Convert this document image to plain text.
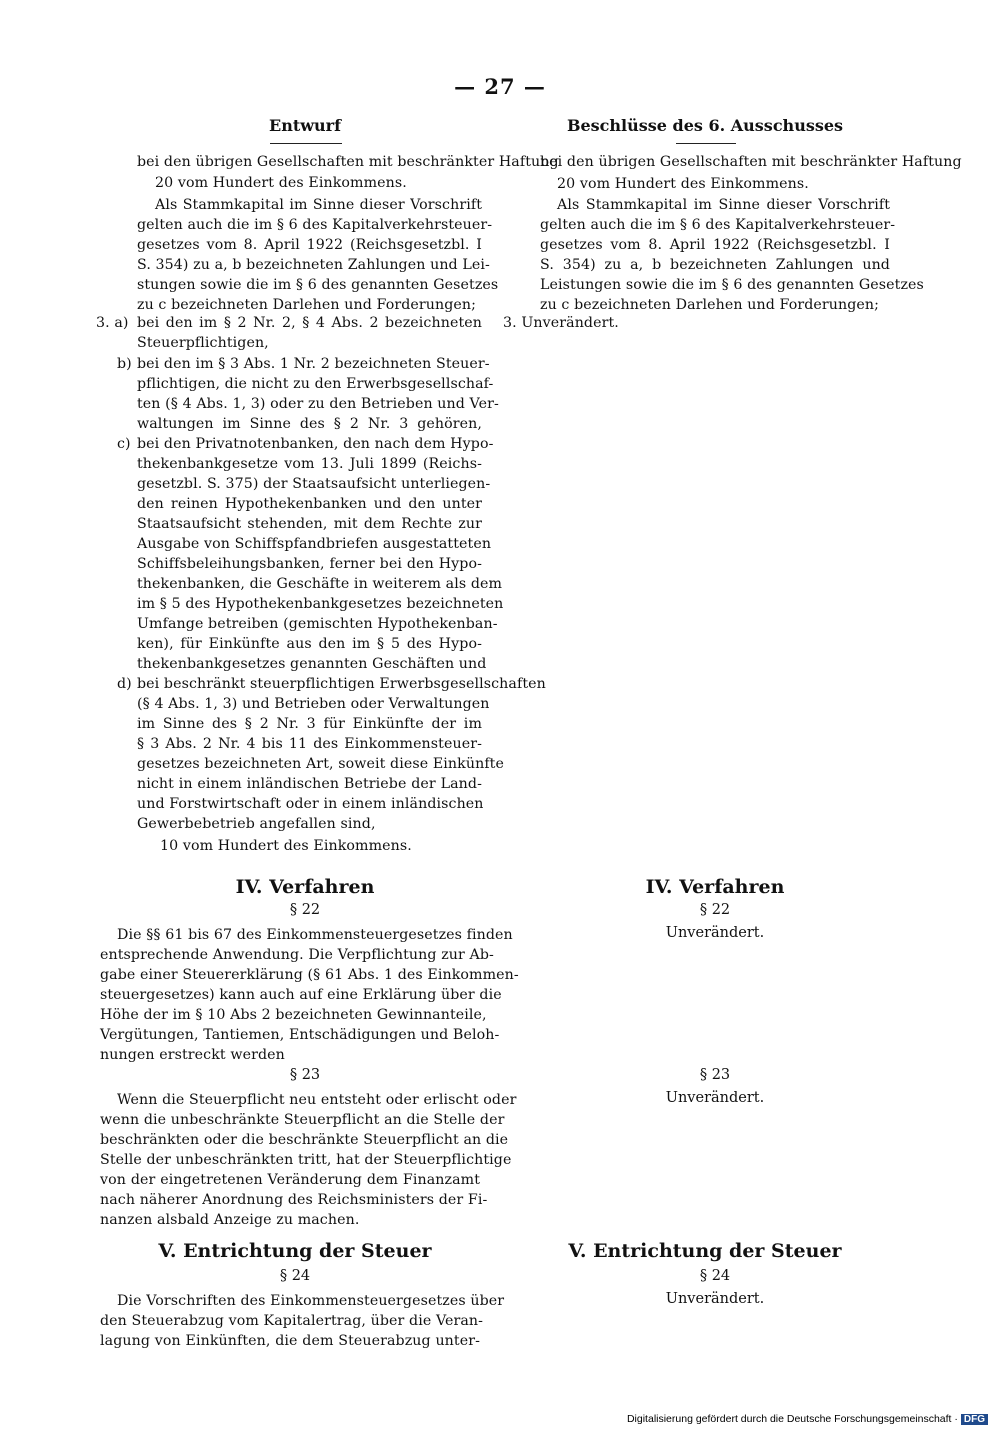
— 27 —
Entwurf	Beschlüsse des 6. Ausschusses
bei den übrigen Gesellschaften mit beschränkter Haftung
20 vom Hundert des Einkommens.
Als Stammkapital im Sinne dieser Vorschrift
gelten auch die im § 6 des Kapitalverkehrsteuer-
gesetzes vom 8. April 1922 (Reichsgesetzbl. I
S. 354) zu a, b bezeichneten Zahlungen und Lei-
stungen sowie die im § 6 des genannten Gesetzes
zu c bezeichneten Darlehen und Forderungen;
3. a) bei den im § 2 Nr. 2, § 4 Abs. 2 bezeichneten
Steuerpflichtigen,
b) bei den im § 3 Abs. 1 Nr. 2 bezeichneten Steuer-
pflichtigen, die nicht zu den Erwerbsgesellschaf-
ten (§ 4 Abs. 1, 3) oder zu den Betrieben und Ver-
waltungen im Sinne des § 2 Nr. 3 gehören,
c) bei den Privatnotenbanken, den nach dem Hypo-
thekenbankgesetze vom 13. Juli 1899 (Reichs-
gesetzbl. S. 375) der Staatsaufsicht unterliegen-
den reinen Hypothekenbanken und den unter
Staatsaufsicht stehenden, mit dem Rechte zur
Ausgabe von Schiffspfandbriefen ausgestatteten
Schiffsbeleihungsbanken, ferner bei den Hypo-
thekenbanken, die Geschäfte in weiterem als dem
im § 5 des Hypothekenbankgesetzes bezeichneten
Umfange betreiben (gemischten Hypothekenban-
ken), für Einkünfte aus den im § 5 des Hypo-
thekenbankgesetzes genannten Geschäften und
d) bei beschränkt steuerpflichtigen Erwerbsgesellschaften
(§ 4 Abs. 1, 3) und Betrieben oder Verwaltungen
im Sinne des § 2 Nr. 3 für Einkünfte der im
§ 3 Abs. 2 Nr. 4 bis 11 des Einkommensteuer-
gesetzes bezeichneten Art, soweit diese Einkünfte
nicht in einem inländischen Betriebe der Land-
und Forstwirtschaft oder in einem inländischen
Gewerbebetrieb angefallen sind,
10 vom Hundert des Einkommens.
bei den übrigen Gesellschaften mit beschränkter Haftung
20 vom Hundert des Einkommens.
Als Stammkapital im Sinne dieser Vorschrift
gelten auch die im § 6 des Kapitalverkehrsteuer-
gesetzes vom 8. April 1922 (Reichsgesetzbl. I
S. 354) zu a, b bezeichneten Zahlungen und
Leistungen sowie die im § 6 des genannten Gesetzes
zu c bezeichneten Darlehen und Forderungen;
3. Unverändert.
IV. Verfahren
§ 22
Die §§ 61 bis 67 des Einkommensteuergesetzes finden
entsprechende Anwendung. Die Verpflichtung zur Ab-
gabe einer Steuererklärung (§ 61 Abs. 1 des Einkommen-
steuergesetzes) kann auch auf eine Erklärung über die
Höhe der im § 10 Abs 2 bezeichneten Gewinnanteile,
Vergütungen, Tantiemen, Entschädigungen und Beloh-
nungen erstreckt werden
§ 23
Wenn die Steuerpflicht neu entsteht oder erlischt oder
wenn die unbeschränkte Steuerpflicht an die Stelle der
beschränkten oder die beschränkte Steuerpflicht an die
Stelle der unbeschränkten tritt, hat der Steuerpflichtige
von der eingetretenen Veränderung dem Finanzamt
nach näherer Anordnung des Reichsministers der Fi-
nanzen alsbald Anzeige zu machen.
IV. Verfahren
§ 22
Unverändert.
§ 23
Unverändert.
V. Entrichtung der Steuer
§ 24
Die Vorschriften des Einkommensteuergesetzes über
den Steuerabzug vom Kapitalertrag, über die Veran-
lagung von Einkünften, die dem Steuerabzug unter-
V. Entrichtung der Steuer
§ 24
Unverändert.
Digitalisierung gefördert durch die Deutsche Forschungsgemeinschaft · DFG
